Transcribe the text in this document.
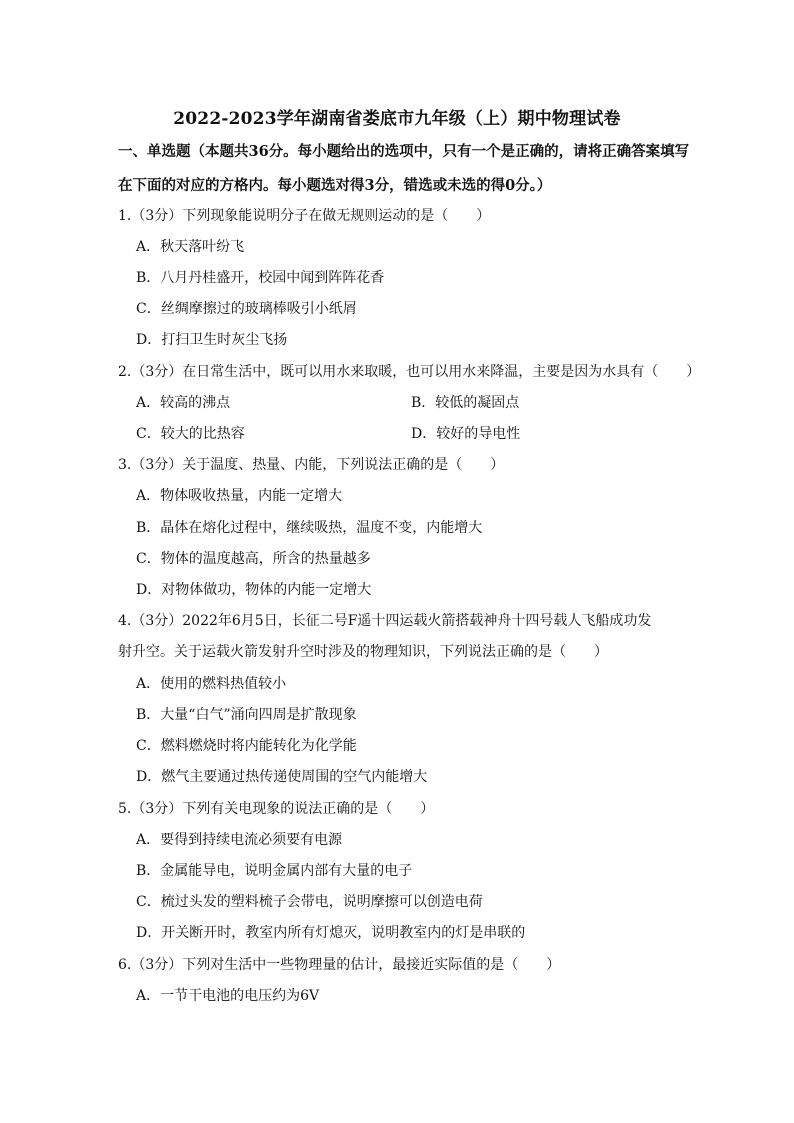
2022-2023学年湖南省娄底市九年级（上）期中物理试卷
一、单选题（本题共36分。每小题给出的选项中，只有一个是正确的，请将正确答案填写
在下面的对应的方格内。每小题选对得3分，错选或未选的得0分。）
1.（3分）下列现象能说明分子在做无规则运动的是（　　）
A．秋天落叶纷飞
B．八月丹桂盛开，校园中闻到阵阵花香
C．丝绸摩擦过的玻璃棒吸引小纸屑
D．打扫卫生时灰尘飞扬
2.（3分）在日常生活中，既可以用水来取暖，也可以用水来降温，主要是因为水具有（　　）
A．较高的沸点	B．较低的凝固点
C．较大的比热容	D．较好的导电性
3.（3分）关于温度、热量、内能，下列说法正确的是（　　）
A．物体吸收热量，内能一定增大
B．晶体在熔化过程中，继续吸热，温度不变，内能增大
C．物体的温度越高，所含的热量越多
D．对物体做功，物体的内能一定增大
4.（3分）2022年6月5日，长征二号F遥十四运载火箭搭载神舟十四号载人飞船成功发
射升空。关于运载火箭发射升空时涉及的物理知识，下列说法正确的是（　　）
A．使用的燃料热值较小
B．大量“白气”涌向四周是扩散现象
C．燃料燃烧时将内能转化为化学能
D．燃气主要通过热传递使周围的空气内能增大
5.（3分）下列有关电现象的说法正确的是（　　）
A．要得到持续电流必须要有电源
B．金属能导电，说明金属内部有大量的电子
C．梳过头发的塑料梳子会带电，说明摩擦可以创造电荷
D．开关断开时，教室内所有灯熄灭，说明教室内的灯是串联的
6.（3分）下列对生活中一些物理量的估计，最接近实际值的是（　　）
A．一节干电池的电压约为6V
